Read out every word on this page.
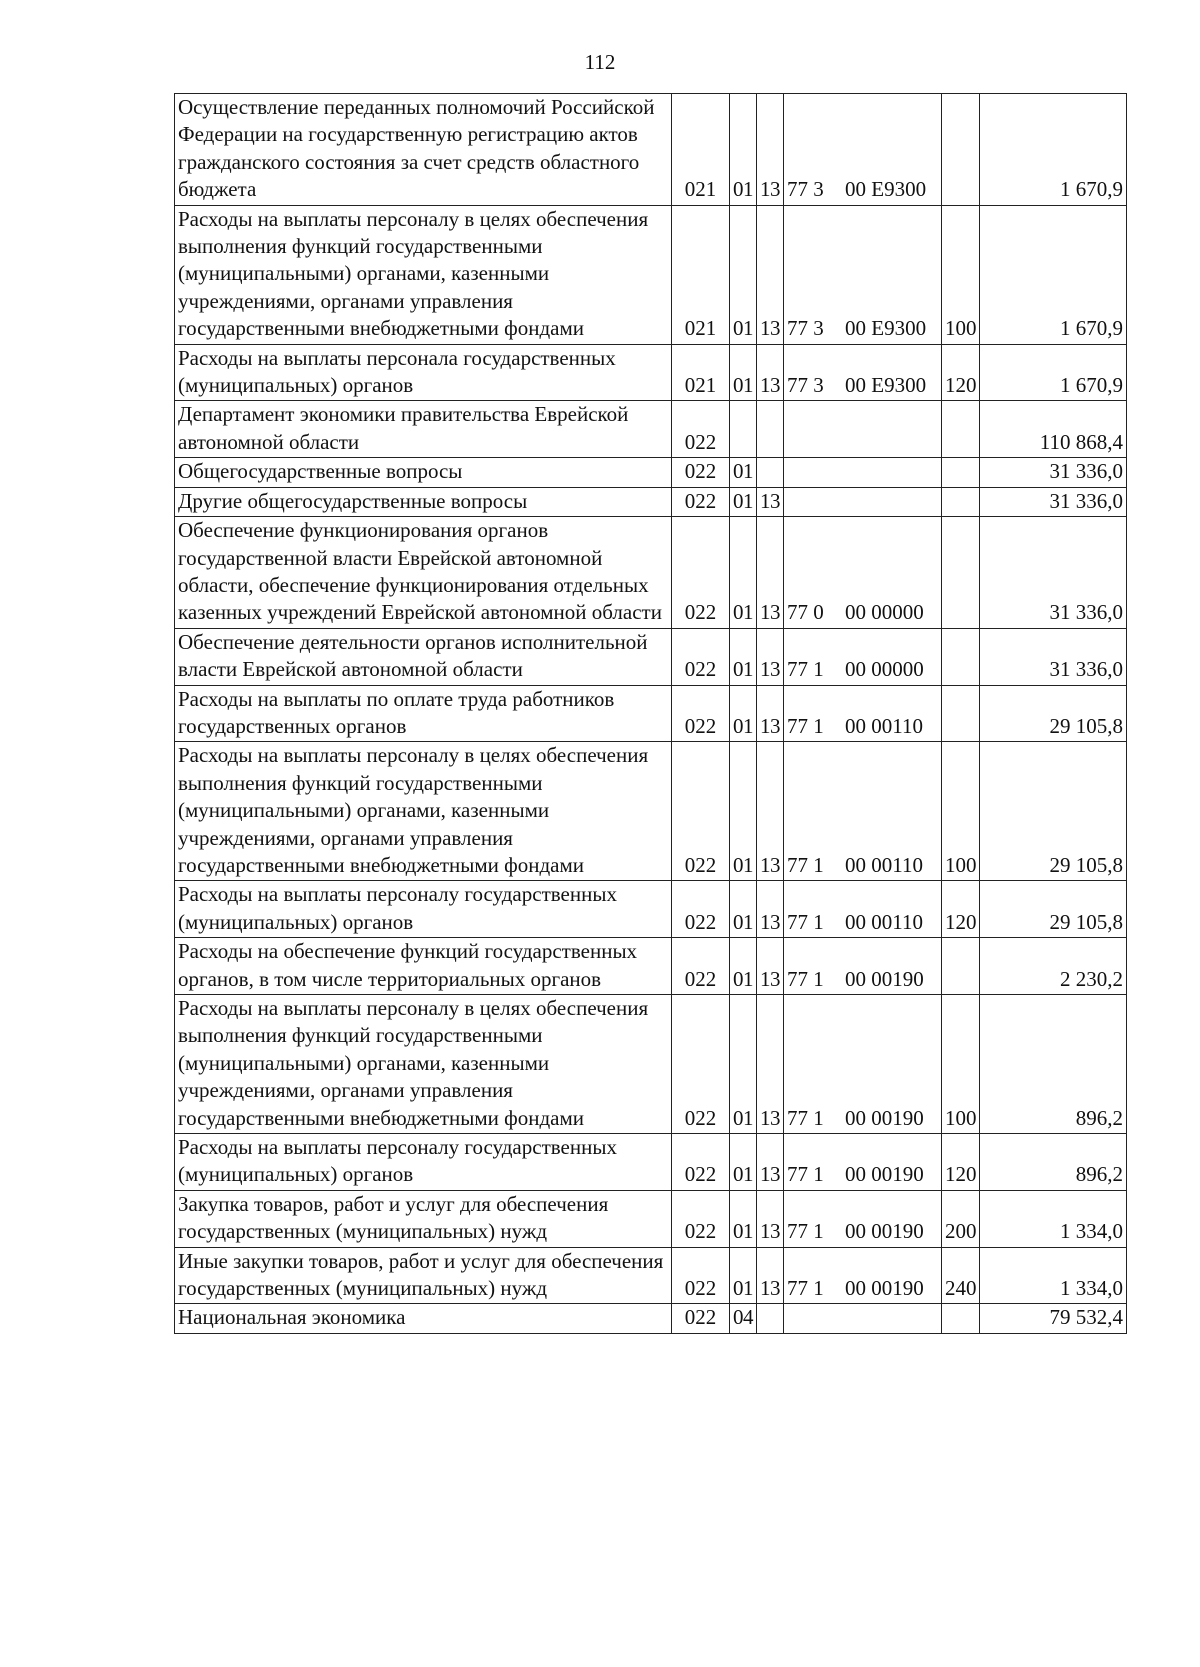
112
Осуществление переданных полномочий Российской Федерации на государственную регистрацию актов гражданского состояния за счет средств областного бюджета	021	01	13	77 3 00 E9300		1 670,9
Расходы на выплаты персоналу в целях обеспечения выполнения функций государственными (муниципальными) органами, казенными учреждениями, органами управления государственными внебюджетными фондами	021	01	13	77 3 00 E9300	100	1 670,9
Расходы на выплаты персонала государственных (муниципальных) органов	021	01	13	77 3 00 E9300	120	1 670,9
Департамент экономики правительства Еврейской автономной области	022					110 868,4
Общегосударственные вопросы	022	01				31 336,0
Другие общегосударственные вопросы	022	01	13			31 336,0
Обеспечение функционирования органов государственной власти Еврейской автономной области, обеспечение функционирования отдельных казенных учреждений Еврейской автономной области	022	01	13	77 0 00 00000		31 336,0
Обеспечение деятельности органов исполнительной власти Еврейской автономной области	022	01	13	77 1 00 00000		31 336,0
Расходы на выплаты по оплате труда работников государственных органов	022	01	13	77 1 00 00110		29 105,8
Расходы на выплаты персоналу в целях обеспечения выполнения функций государственными (муниципальными) органами, казенными учреждениями, органами управления государственными внебюджетными фондами	022	01	13	77 1 00 00110	100	29 105,8
Расходы на выплаты персоналу государственных (муниципальных) органов	022	01	13	77 1 00 00110	120	29 105,8
Расходы на обеспечение функций государственных органов, в том числе территориальных органов	022	01	13	77 1 00 00190		2 230,2
Расходы на выплаты персоналу в целях обеспечения выполнения функций государственными (муниципальными) органами, казенными учреждениями, органами управления государственными внебюджетными фондами	022	01	13	77 1 00 00190	100	896,2
Расходы на выплаты персоналу государственных (муниципальных) органов	022	01	13	77 1 00 00190	120	896,2
Закупка товаров, работ и услуг для обеспечения государственных (муниципальных) нужд	022	01	13	77 1 00 00190	200	1 334,0
Иные закупки товаров, работ и услуг для обеспечения государственных (муниципальных) нужд	022	01	13	77 1 00 00190	240	1 334,0
Национальная экономика	022	04				79 532,4
